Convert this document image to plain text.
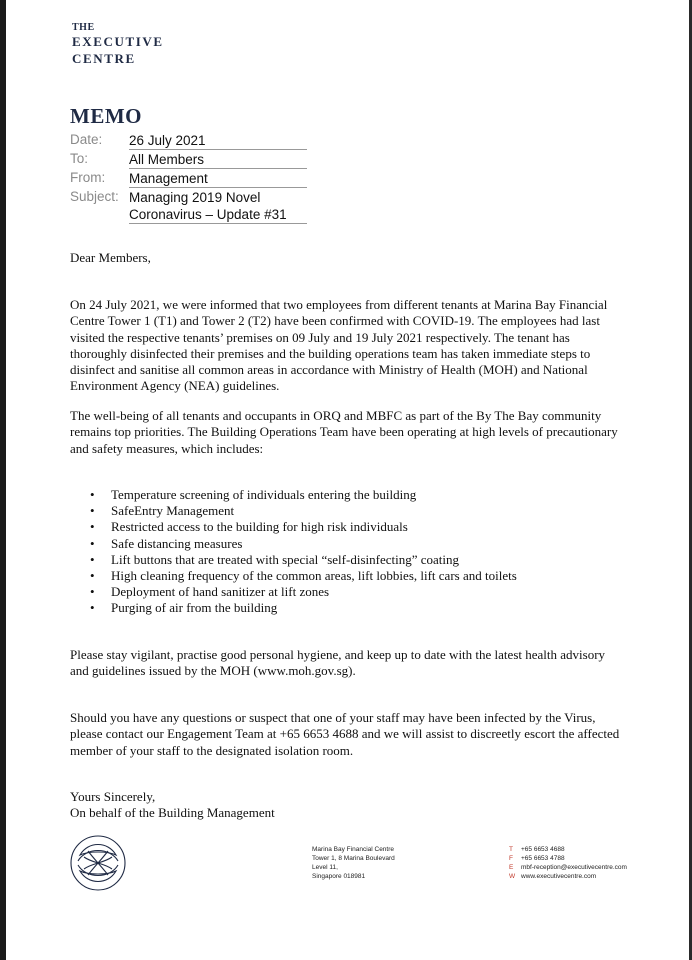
THE
EXECUTIVE
CENTRE
MEMO
Date: 26 July 2021
To:	All Members
From: Management
Subject: Managing 2019 Novel
Coronavirus – Update #31
Dear Members,
On 24 July 2021, we were informed that two employees from different tenants at Marina Bay Financial Centre Tower 1 (T1) and Tower 2 (T2) have been confirmed with COVID-19. The employees had last visited the respective tenants’ premises on 09 July and 19 July 2021 respectively. The tenant has thoroughly disinfected their premises and the building operations team has taken immediate steps to disinfect and sanitise all common areas in accordance with Ministry of Health (MOH) and National Environment Agency (NEA) guidelines.
The well-being of all tenants and occupants in ORQ and MBFC as part of the By The Bay community remains top priorities. The Building Operations Team have been operating at high levels of precautionary and safety measures, which includes:
• Temperature screening of individuals entering the building
• SafeEntry Management
• Restricted access to the building for high risk individuals
• Safe distancing measures
• Lift buttons that are treated with special “self-disinfecting” coating
• High cleaning frequency of the common areas, lift lobbies, lift cars and toilets
• Deployment of hand sanitizer at lift zones
• Purging of air from the building
Please stay vigilant, practise good personal hygiene, and keep up to date with the latest health advisory and guidelines issued by the MOH (www.moh.gov.sg).
Should you have any questions or suspect that one of your staff may have been infected by the Virus, please contact our Engagement Team at +65 6653 4688 and we will assist to discreetly escort the affected member of your staff to the designated isolation room.
Yours Sincerely,
On behalf of the Building Management
Marina Bay Financial Centre
Tower 1, 8 Marina Boulevard
Level 11,
Singapore 018981
T +65 6653 4688
F +65 6653 4788
E mbf-reception@executivecentre.com
W www.executivecentre.com
